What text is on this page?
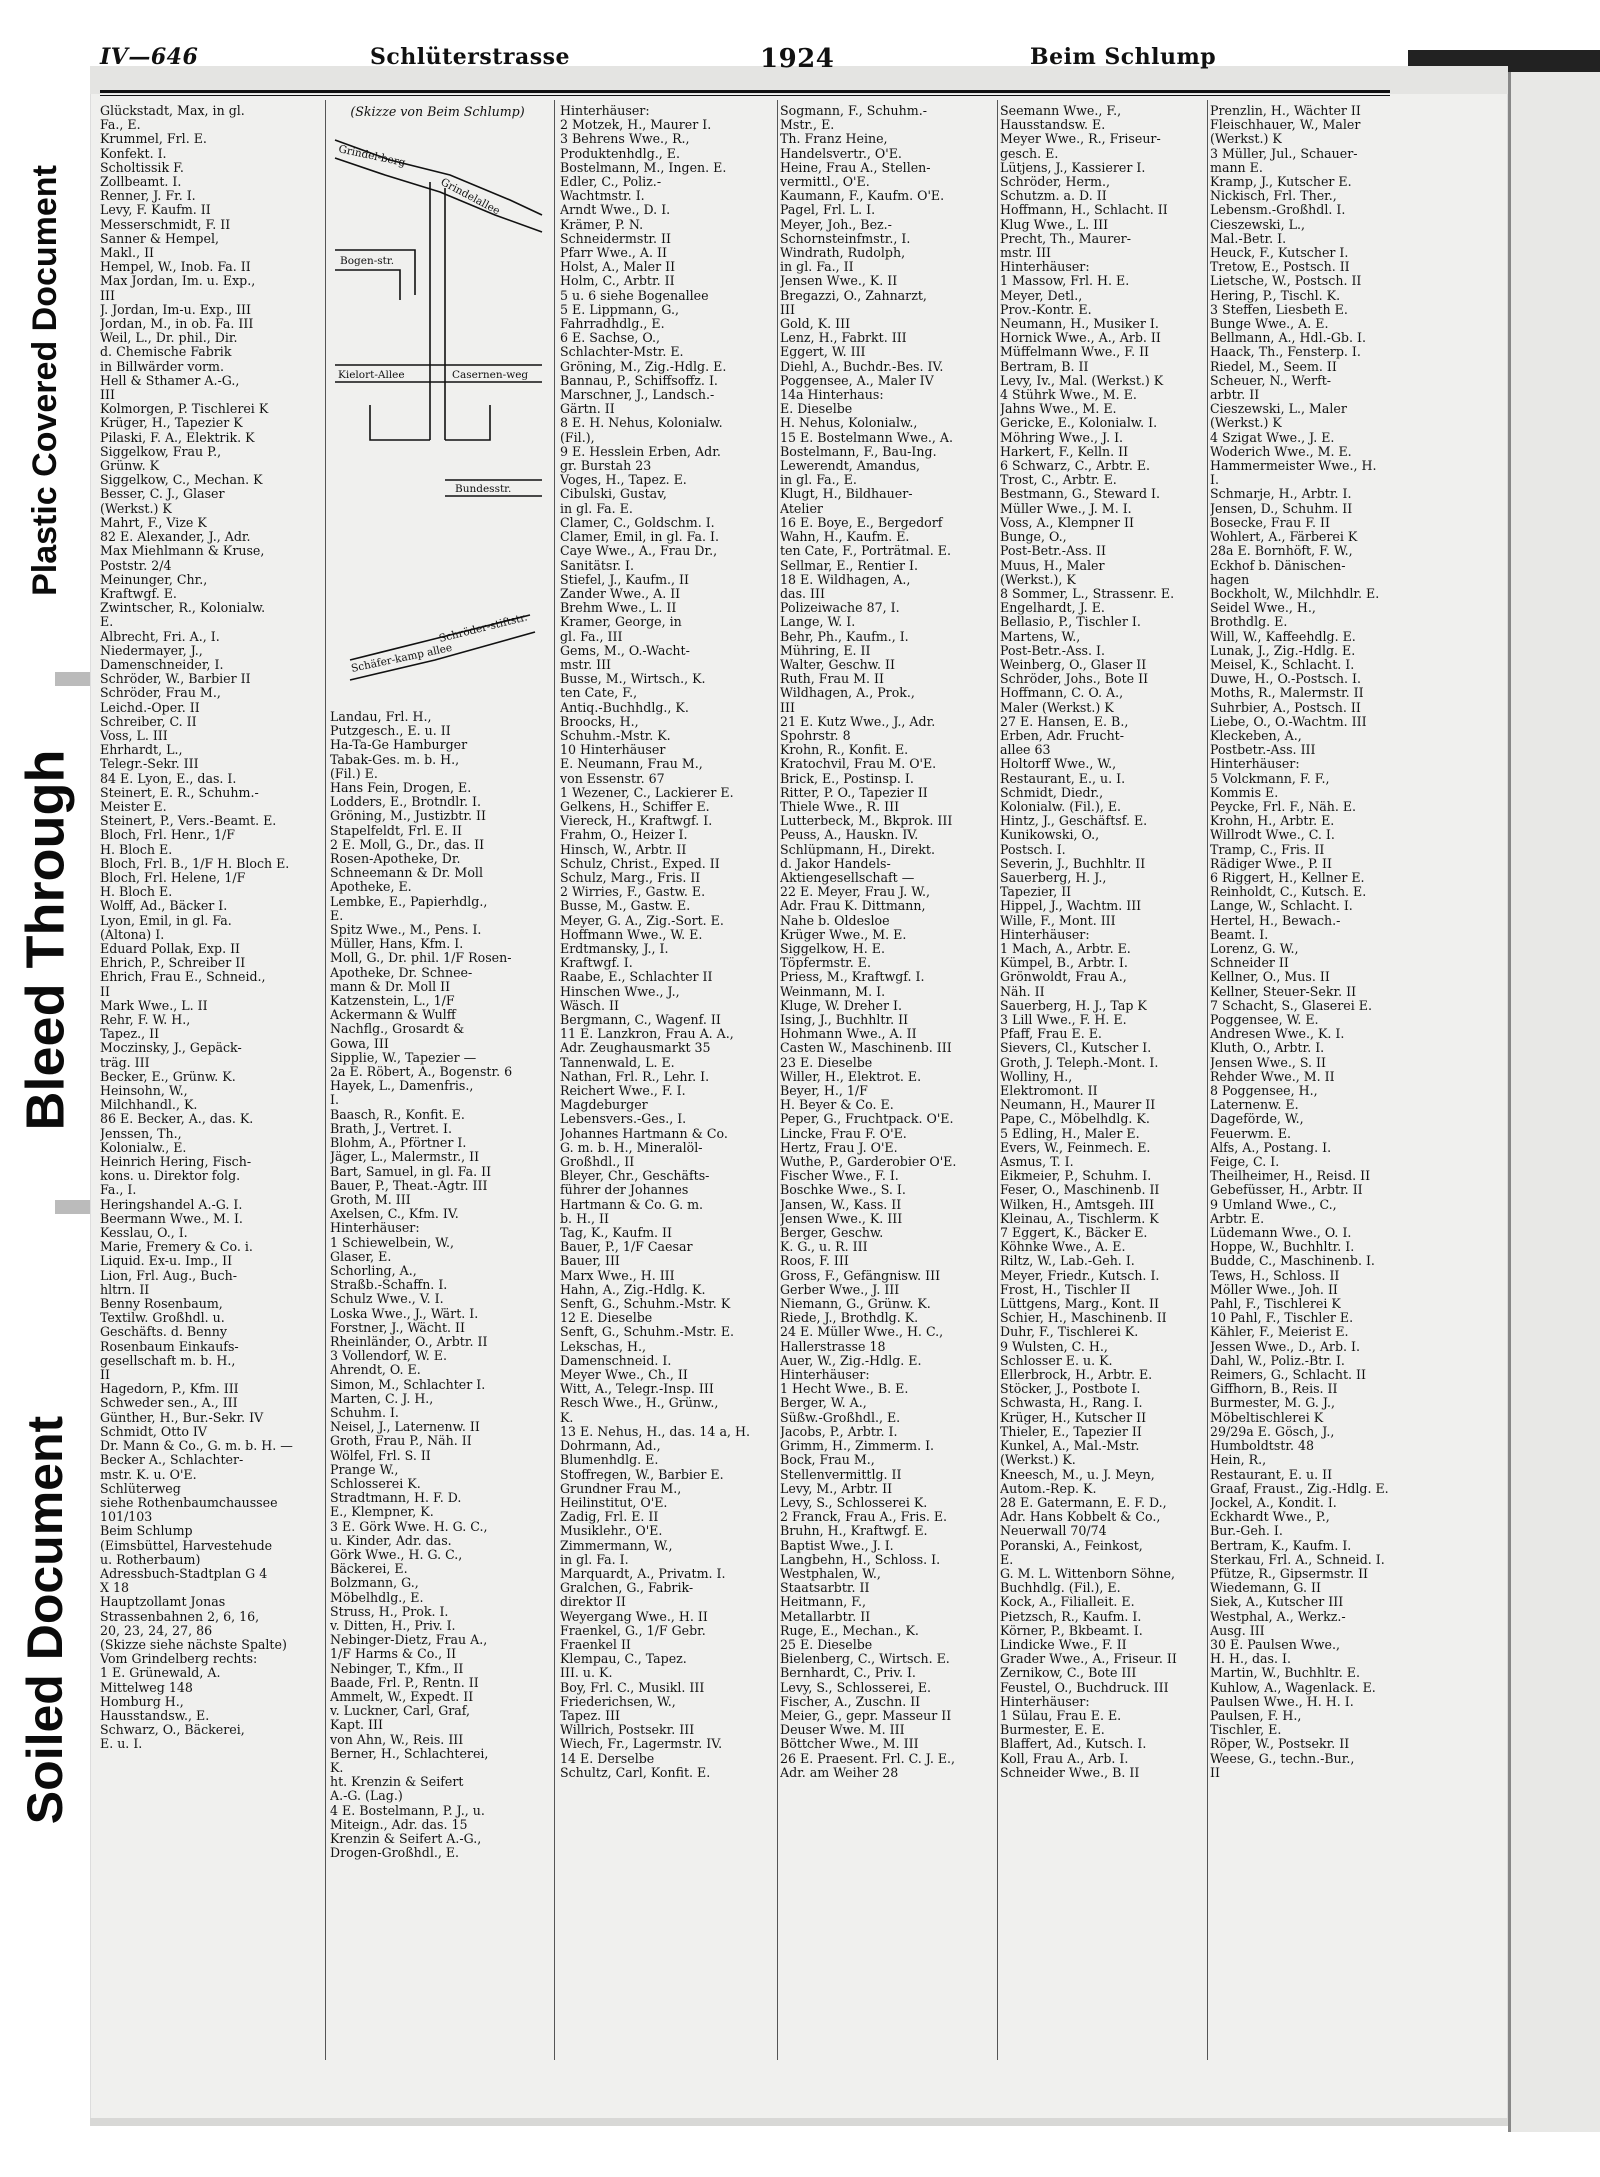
Plastic Covered Document
Bleed Through
Soiled Document
IV—646	Schlüterstrasse	1924	Beim Schlump
Glückstadt, Max, in gl.
Fa., E.
Krummel, Frl. E.
Konfekt. I.
Scholtissik F.
Zollbeamt. I.
Renner, J. Fr. I.
Levy, F. Kaufm. II
Messerschmidt, F. II
Sanner & Hempel,
Makl., II
Hempel, W., Inob. Fa. II
Max Jordan, Im. u. Exp.,
III
J. Jordan, Im-u. Exp., III
Jordan, M., in ob. Fa. III
Weil, L., Dr. phil., Dir.
d. Chemische Fabrik
in Billwärder vorm.
Hell & Sthamer A.-G.,
III
Kolmorgen, P. Tischlerei K
Krüger, H., Tapezier K
Pilaski, F. A., Elektrik. K
Siggelkow, Frau P.,
Grünw. K
Siggelkow, C., Mechan. K
Besser, C. J., Glaser
(Werkst.) K
Mahrt, F., Vize K
82 E. Alexander, J., Adr.
Max Miehlmann & Kruse,
Poststr. 2/4
Meinunger, Chr.,
Kraftwgf. E.
Zwintscher, R., Kolonialw.
E.
Albrecht, Fri. A., I.
Niedermayer, J.,
Damenschneider, I.
Schröder, W., Barbier II
Schröder, Frau M.,
Leichd.-Oper. II
Schreiber, C. II
Voss, L. III
Ehrhardt, L.,
Telegr.-Sekr. III
84 E. Lyon, E., das. I.
Steinert, E. R., Schuhm.-
Meister E.
Steinert, P., Vers.-Beamt. E.
Bloch, Frl. Henr., 1/F
H. Bloch E.
Bloch, Frl. B., 1/F H. Bloch E.
Bloch, Frl. Helene, 1/F
H. Bloch E.
Wolff, Ad., Bäcker I.
Lyon, Emil, in gl. Fa.
(Altona) I.
Eduard Pollak, Exp. II
Ehrich, P., Schreiber II
Ehrich, Frau E., Schneid.,
II
Mark Wwe., L. II
Rehr, F. W. H.,
Tapez., II
Moczinsky, J., Gepäck-
träg. III
Becker, E., Grünw. K.
Heinsohn, W.,
Milchhandl., K.
86 E. Becker, A., das. K.
Jenssen, Th.,
Kolonialw., E.
Heinrich Hering, Fisch-
kons. u. Direktor folg.
Fa., I.
Heringshandel A.-G. I.
Beermann Wwe., M. I.
Kesslau, O., I.
Marie, Fremery & Co. i.
Liquid. Ex-u. Imp., II
Lion, Frl. Aug., Buch-
hltrn. II
Benny Rosenbaum,
Textilw. Großhdl. u.
Geschäfts. d. Benny
Rosenbaum Einkaufs-
gesellschaft m. b. H.,
II
Hagedorn, P., Kfm. III
Schweder sen., A., III
Günther, H., Bur.-Sekr. IV
Schmidt, Otto IV
Dr. Mann & Co., G. m. b. H. —
Becker A., Schlachter-
mstr. K. u. O'E.
Schlüterweg
siehe Rothenbaumchaussee
101/103
Beim Schlump
(Eimsbüttel, Harvestehude
u. Rotherbaum)
Adressbuch-Stadtplan G 4
X 18
Hauptzollamt Jonas
Strassenbahnen 2, 6, 16,
20, 23, 24, 27, 86
(Skizze siehe nächste Spalte)
Vom Grindelberg rechts:
1 E. Grünewald, A.
Mittelweg 148
Homburg H.,
Hausstandsw., E.
Schwarz, O., Bäckerei,
E. u. I.
(Skizze von Beim Schlump)
Grindel-berg
Grindelallee
Bogen-str.
Kielort-Allee	Casernen-weg
Bundesstr.
Schäfer-kamp allee
Schröder-stiftstr.
Landau, Frl. H.,
Putzgesch., E. u. II
Ha-Ta-Ge Hamburger
Tabak-Ges. m. b. H.,
(Fil.) E.
Hans Fein, Drogen, E.
Lodders, E., Brotndlr. I.
Gröning, M., Justizbtr. II
Stapelfeldt, Frl. E. II
2 E. Moll, G., Dr., das. II
Rosen-Apotheke, Dr.
Schneemann & Dr. Moll
Apotheke, E.
Lembke, E., Papierhdlg.,
E.
Spitz Wwe., M., Pens. I.
Müller, Hans, Kfm. I.
Moll, G., Dr. phil. 1/F Rosen-
Apotheke, Dr. Schnee-
mann & Dr. Moll II
Katzenstein, L., 1/F
Ackermann & Wulff
Nachflg., Grosardt &
Gowa, III
Sipplie, W., Tapezier —
2a E. Röbert, A., Bogenstr. 6
Hayek, L., Damenfris.,
I.
Baasch, R., Konfit. E.
Brath, J., Vertret. I.
Blohm, A., Pförtner I.
Jäger, L., Malermstr., II
Bart, Samuel, in gl. Fa. II
Bauer, P., Theat.-Agtr. III
Groth, M. III
Axelsen, C., Kfm. IV.
Hinterhäuser:
1 Schiewelbein, W.,
Glaser, E.
Schorling, A.,
Straßb.-Schaffn. I.
Schulz Wwe., V. I.
Loska Wwe., J., Wärt. I.
Forstner, J., Wächt. II
Rheinländer, O., Arbtr. II
3 Vollendorf, W. E.
Ahrendt, O. E.
Simon, M., Schlachter I.
Marten, C. J. H.,
Schuhm. I.
Neisel, J., Laternenw. II
Groth, Frau P., Näh. II
Wölfel, Frl. S. II
Prange W.,
Schlosserei K.
Stradtmann, H. F. D.
E., Klempner, K.
3 E. Görk Wwe. H. G. C.,
u. Kinder, Adr. das.
Görk Wwe., H. G. C.,
Bäckerei, E.
Bolzmann, G.,
Möbelhdlg., E.
Struss, H., Prok. I.
v. Ditten, H., Priv. I.
Nebinger-Dietz, Frau A.,
1/F Harms & Co., II
Nebinger, T., Kfm., II
Baade, Frl. P., Rentn. II
Ammelt, W., Expedt. II
v. Luckner, Carl, Graf,
Kapt. III
von Ahn, W., Reis. III
Berner, H., Schlachterei,
K.
ht. Krenzin & Seifert
A.-G. (Lag.)
4 E. Bostelmann, P. J., u.
Miteign., Adr. das. 15
Krenzin & Seifert A.-G.,
Drogen-Großhdl., E.
Hinterhäuser:
2 Motzek, H., Maurer I.
3 Behrens Wwe., R.,
Produktenhdlg., E.
Bostelmann, M., Ingen. E.
Edler, C., Poliz.-
Wachtmstr. I.
Arndt Wwe., D. I.
Krämer, P. N.
Schneidermstr. II
Pfarr Wwe., A. II
Holst, A., Maler II
Holm, C., Arbtr. II
5 u. 6 siehe Bogenallee
5 E. Lippmann, G.,
Fahrradhdlg., E.
6 E. Sachse, O.,
Schlachter-Mstr. E.
Gröning, M., Zig.-Hdlg. E.
Bannau, P., Schiffsoffz. I.
Marschner, J., Landsch.-
Gärtn. II
8 E. H. Nehus, Kolonialw.
(Fil.),
9 E. Hesslein Erben, Adr.
gr. Burstah 23
Voges, H., Tapez. E.
Cibulski, Gustav,
in gl. Fa. E.
Clamer, C., Goldschm. I.
Clamer, Emil, in gl. Fa. I.
Caye Wwe., A., Frau Dr.,
Sanitätsr. I.
Stiefel, J., Kaufm., II
Zander Wwe., A. II
Brehm Wwe., L. II
Kramer, George, in
gl. Fa., III
Gems, M., O.-Wacht-
mstr. III
Busse, M., Wirtsch., K.
ten Cate, F.,
Antiq.-Buchhdlg., K.
Broocks, H.,
Schuhm.-Mstr. K.
10 Hinterhäuser
E. Neumann, Frau M.,
von Essenstr. 67
1 Wezener, C., Lackierer E.
Gelkens, H., Schiffer E.
Viereck, H., Kraftwgf. I.
Frahm, O., Heizer I.
Hinsch, W., Arbtr. II
Schulz, Christ., Exped. II
Schulz, Marg., Fris. II
2 Wirries, F., Gastw. E.
Busse, M., Gastw. E.
Meyer, G. A., Zig.-Sort. E.
Hoffmann Wwe., W. E.
Erdtmansky, J., I.
Kraftwgf. I.
Raabe, E., Schlachter II
Hinschen Wwe., J.,
Wäsch. II
Bergmann, C., Wagenf. II
11 E. Lanzkron, Frau A. A.,
Adr. Zeughausmarkt 35
Tannenwald, L. E.
Nathan, Frl. R., Lehr. I.
Reichert Wwe., F. I.
Magdeburger
Lebensvers.-Ges., I.
Johannes Hartmann & Co.
G. m. b. H., Mineralöl-
Großhdl., II
Bleyer, Chr., Geschäfts-
führer der Johannes
Hartmann & Co. G. m.
b. H., II
Tag, K., Kaufm. II
Bauer, P., 1/F Caesar
Bauer, III
Marx Wwe., H. III
Hahn, A., Zig.-Hdlg. K.
Senft, G., Schuhm.-Mstr. K
12 E. Dieselbe
Senft, G., Schuhm.-Mstr. E.
Lekschas, H.,
Damenschneid. I.
Meyer Wwe., Ch., II
Witt, A., Telegr.-Insp. III
Resch Wwe., H., Grünw.,
K.
13 E. Nehus, H., das. 14 a, H.
Dohrmann, Ad.,
Blumenhdlg. E.
Stoffregen, W., Barbier E.
Grundner Frau M.,
Heilinstitut, O'E.
Zadig, Frl. E. II
Musiklehr., O'E.
Zimmermann, W.,
in gl. Fa. I.
Marquardt, A., Privatm. I.
Gralchen, G., Fabrik-
direktor II
Weyergang Wwe., H. II
Fraenkel, G., 1/F Gebr.
Fraenkel II
Klempau, C., Tapez.
III. u. K.
Boy, Frl. C., Musikl. III
Friederichsen, W.,
Tapez. III
Willrich, Postsekr. III
Wiech, Fr., Lagermstr. IV.
14 E. Derselbe
Schultz, Carl, Konfit. E.
Sogmann, F., Schuhm.-
Mstr., E.
Th. Franz Heine,
Handelsvertr., O'E.
Heine, Frau A., Stellen-
vermittl., O'E.
Kaumann, F., Kaufm. O'E.
Pagel, Frl. L. I.
Meyer, Joh., Bez.-
Schornsteinfmstr., I.
Windrath, Rudolph,
in gl. Fa., II
Jensen Wwe., K. II
Bregazzi, O., Zahnarzt,
III
Gold, K. III
Lenz, H., Fabrkt. III
Eggert, W. III
Diehl, A., Buchdr.-Bes. IV.
Poggensee, A., Maler IV
14a Hinterhaus:
E. Dieselbe
H. Nehus, Kolonialw.,
15 E. Bostelmann Wwe., A.
Bostelmann, F., Bau-Ing.
Lewerendt, Amandus,
in gl. Fa., E.
Klugt, H., Bildhauer-
Atelier
16 E. Boye, E., Bergedorf
Wahn, H., Kaufm. E.
ten Cate, F., Porträtmal. E.
Sellmar, E., Rentier I.
18 E. Wildhagen, A.,
das. III
Polizeiwache 87, I.
Lange, W. I.
Behr, Ph., Kaufm., I.
Mühring, E. II
Walter, Geschw. II
Ruth, Frau M. II
Wildhagen, A., Prok.,
III
21 E. Kutz Wwe., J., Adr.
Spohrstr. 8
Krohn, R., Konfit. E.
Kratochvil, Frau M. O'E.
Brick, E., Postinsp. I.
Ritter, P. O., Tapezier II
Thiele Wwe., R. III
Lutterbeck, M., Bkprok. III
Peuss, A., Hauskn. IV.
Schlüpmann, H., Direkt.
d. Jakor Handels-
Aktiengesellschaft —
22 E. Meyer, Frau J. W.,
Adr. Frau K. Dittmann,
Nahe b. Oldesloe
Krüger Wwe., M. E.
Siggelkow, H. E.
Töpfermstr. E.
Priess, M., Kraftwgf. I.
Weinmann, M. I.
Kluge, W. Dreher I.
Ising, J., Buchhltr. II
Hohmann Wwe., A. II
Casten W., Maschinenb. III
23 E. Dieselbe
Willer, H., Elektrot. E.
Beyer, H., 1/F
H. Beyer & Co. E.
Peper, G., Fruchtpack. O'E.
Lincke, Frau F. O'E.
Hertz, Frau J. O'E.
Wuthe, P., Garderobier O'E.
Fischer Wwe., F. I.
Boschke Wwe., S. I.
Jansen, W., Kass. II
Jensen Wwe., K. III
Berger, Geschw.
K. G., u. R. III
Roos, F. III
Gross, F., Gefängnisw. III
Gerber Wwe., J. III
Niemann, G., Grünw. K.
Riede, J., Brothdlg. K.
24 E. Müller Wwe., H. C.,
Hallerstrasse 18
Auer, W., Zig.-Hdlg. E.
Hinterhäuser:
1 Hecht Wwe., B. E.
Berger, W. A.,
Süßw.-Großhdl., E.
Jacobs, P., Arbtr. I.
Grimm, H., Zimmerm. I.
Bock, Frau M.,
Stellenvermittlg. II
Levy, M., Arbtr. II
Levy, S., Schlosserei K.
2 Franck, Frau A., Fris. E.
Bruhn, H., Kraftwgf. E.
Baptist Wwe., J. I.
Langbehn, H., Schloss. I.
Westphalen, W.,
Staatsarbtr. II
Heitmann, F.,
Metallarbtr. II
Ruge, E., Mechan., K.
25 E. Dieselbe
Bielenberg, C., Wirtsch. E.
Bernhardt, C., Priv. I.
Levy, S., Schlosserei, E.
Fischer, A., Zuschn. II
Meier, G., gepr. Masseur II
Deuser Wwe. M. III
Böttcher Wwe., M. III
26 E. Praesent. Frl. C. J. E.,
Adr. am Weiher 28
Seemann Wwe., F.,
Hausstandsw. E.
Meyer Wwe., R., Friseur-
gesch. E.
Lütjens, J., Kassierer I.
Schröder, Herm.,
Schutzm. a. D. II
Hoffmann, H., Schlacht. II
Klug Wwe., L. III
Precht, Th., Maurer-
mstr. III
Hinterhäuser:
1 Massow, Frl. H. E.
Meyer, Detl.,
Prov.-Kontr. E.
Neumann, H., Musiker I.
Hornick Wwe., A., Arb. II
Müffelmann Wwe., F. II
Bertram, B. II
Levy, Iv., Mal. (Werkst.) K
4 Stührk Wwe., M. E.
Jahns Wwe., M. E.
Gericke, E., Kolonialw. I.
Möhring Wwe., J. I.
Harkert, F., Kelln. II
6 Schwarz, C., Arbtr. E.
Trost, C., Arbtr. E.
Bestmann, G., Steward I.
Müller Wwe., J. M. I.
Voss, A., Klempner II
Bunge, O.,
Post-Betr.-Ass. II
Muus, H., Maler
(Werkst.), K
8 Sommer, L., Strassenr. E.
Engelhardt, J. E.
Bellasio, P., Tischler I.
Martens, W.,
Post-Betr.-Ass. I.
Weinberg, O., Glaser II
Schröder, Johs., Bote II
Hoffmann, C. O. A.,
Maler (Werkst.) K
27 E. Hansen, E. B.,
Erben, Adr. Frucht-
allee 63
Holtorff Wwe., W.,
Restaurant, E., u. I.
Schmidt, Diedr.,
Kolonialw. (Fil.), E.
Hintz, J., Geschäftsf. E.
Kunikowski, O.,
Postsch. I.
Severin, J., Buchhltr. II
Sauerberg, H. J.,
Tapezier, II
Hippel, J., Wachtm. III
Wille, F., Mont. III
Hinterhäuser:
1 Mach, A., Arbtr. E.
Kümpel, B., Arbtr. I.
Grönwoldt, Frau A.,
Näh. II
Sauerberg, H. J., Tap K
3 Lill Wwe., F. H. E.
Pfaff, Frau E. E.
Sievers, Cl., Kutscher I.
Groth, J. Teleph.-Mont. I.
Wolliny, H.,
Elektromont. II
Neumann, H., Maurer II
Pape, C., Möbelhdlg. K.
5 Edling, H., Maler E.
Evers, W., Feinmech. E.
Asmus, T. I.
Eikmeier, P., Schuhm. I.
Feser, O., Maschinenb. II
Wilken, H., Amtsgeh. III
Kleinau, A., Tischlerm. K
7 Eggert, K., Bäcker E.
Köhnke Wwe., A. E.
Riltz, W., Lab.-Geh. I.
Meyer, Friedr., Kutsch. I.
Frost, H., Tischler II
Lüttgens, Marg., Kont. II
Schier, H., Maschinenb. II
Duhr, F., Tischlerei K.
9 Wulsten, C. H.,
Schlosser E. u. K.
Ellerbrock, H., Arbtr. E.
Stöcker, J., Postbote I.
Schwasta, H., Rang. I.
Krüger, H., Kutscher II
Thieler, E., Tapezier II
Kunkel, A., Mal.-Mstr.
(Werkst.) K.
Kneesch, M., u. J. Meyn,
Autom.-Rep. K.
28 E. Gatermann, E. F. D.,
Adr. Hans Kobbelt & Co.,
Neuerwall 70/74
Poranski, A., Feinkost,
E.
G. M. L. Wittenborn Söhne,
Buchhdlg. (Fil.), E.
Kock, A., Filialleit. E.
Pietzsch, R., Kaufm. I.
Körner, P., Bkbeamt. I.
Lindicke Wwe., F. II
Grader Wwe., A., Friseur. II
Zernikow, C., Bote III
Feustel, O., Buchdruck. III
Hinterhäuser:
1 Sülau, Frau E. E.
Burmester, E. E.
Blaffert, Ad., Kutsch. I.
Koll, Frau A., Arb. I.
Schneider Wwe., B. II
Prenzlin, H., Wächter II
Fleischhauer, W., Maler
(Werkst.) K
3 Müller, Jul., Schauer-
mann E.
Kramp, J., Kutscher E.
Nickisch, Frl. Ther.,
Lebensm.-Großhdl. I.
Cieszewski, L.,
Mal.-Betr. I.
Heuck, F., Kutscher I.
Tretow, E., Postsch. II
Lietsche, W., Postsch. II
Hering, P., Tischl. K.
3 Steffen, Liesbeth E.
Bunge Wwe., A. E.
Bellmann, A., Hdl.-Gb. I.
Haack, Th., Fensterp. I.
Riedel, M., Seem. II
Scheuer, N., Werft-
arbtr. II
Cieszewski, L., Maler
(Werkst.) K
4 Szigat Wwe., J. E.
Woderich Wwe., M. E.
Hammermeister Wwe., H.
I.
Schmarje, H., Arbtr. I.
Jensen, D., Schuhm. II
Bosecke, Frau F. II
Wohlert, A., Färberei K
28a E. Bornhöft, F. W.,
Eckhof b. Dänischen-
hagen
Bockholt, W., Milchhdlr. E.
Seidel Wwe., H.,
Brothdlg. E.
Will, W., Kaffeehdlg. E.
Lunak, J., Zig.-Hdlg. E.
Meisel, K., Schlacht. I.
Duwe, H., O.-Postsch. I.
Moths, R., Malermstr. II
Suhrbier, A., Postsch. II
Liebe, O., O.-Wachtm. III
Kleckeben, A.,
Postbetr.-Ass. III
Hinterhäuser:
5 Volckmann, F. F.,
Kommis E.
Peycke, Frl. F., Näh. E.
Krohn, H., Arbtr. E.
Willrodt Wwe., C. I.
Tramp, C., Fris. II
Rädiger Wwe., P. II
6 Riggert, H., Kellner E.
Reinholdt, C., Kutsch. E.
Lange, W., Schlacht. I.
Hertel, H., Bewach.-
Beamt. I.
Lorenz, G. W.,
Schneider II
Kellner, O., Mus. II
Kellner, Steuer-Sekr. II
7 Schacht, S., Glaserei E.
Poggensee, W. E.
Andresen Wwe., K. I.
Kluth, O., Arbtr. I.
Jensen Wwe., S. II
Rehder Wwe., M. II
8 Poggensee, H.,
Laternenw. E.
Dageförde, W.,
Feuerwm. E.
Alfs, A., Postang. I.
Feige, C. I.
Theilheimer, H., Reisd. II
Gebefüsser, H., Arbtr. II
9 Umland Wwe., C.,
Arbtr. E.
Lüdemann Wwe., O. I.
Hoppe, W., Buchhltr. I.
Budde, C., Maschinenb. I.
Tews, H., Schloss. II
Möller Wwe., Joh. II
Pahl, F., Tischlerei K
10 Pahl, F., Tischler E.
Kähler, F., Meierist E.
Jessen Wwe., D., Arb. I.
Dahl, W., Poliz.-Btr. I.
Reimers, G., Schlacht. II
Giffhorn, B., Reis. II
Burmester, M. G. J.,
Möbeltischlerei K
29/29a E. Gösch, J.,
Humboldtstr. 48
Hein, R.,
Restaurant, E. u. II
Graaf, Fraust., Zig.-Hdlg. E.
Jockel, A., Kondit. I.
Eckhardt Wwe., P.,
Bur.-Geh. I.
Bertram, K., Kaufm. I.
Sterkau, Frl. A., Schneid. I.
Pfütze, R., Gipsermstr. II
Wiedemann, G. II
Siek, A., Kutscher III
Westphal, A., Werkz.-
Ausg. III
30 E. Paulsen Wwe.,
H. H., das. I.
Martin, W., Buchhltr. E.
Kuhlow, A., Wagenlack. E.
Paulsen Wwe., H. H. I.
Paulsen, F. H.,
Tischler, E.
Röper, W., Postsekr. II
Weese, G., techn.-Bur.,
II
